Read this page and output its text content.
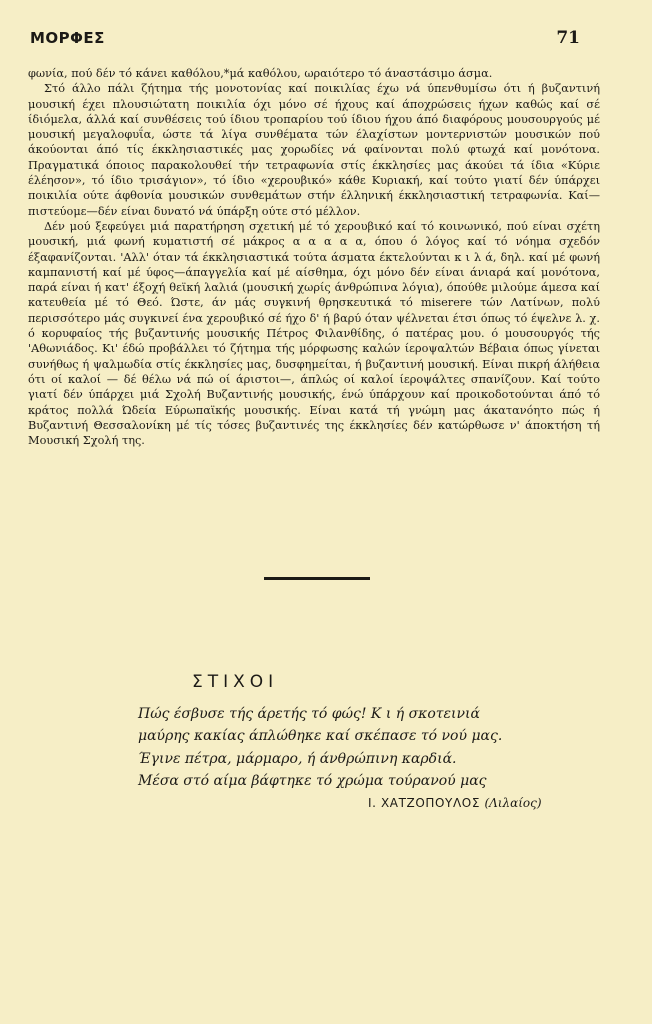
ΜΟΡΦΕΣ	71

φωνία, πού δέν τό κάνει καθόλου,*μά καθόλου, ωραιότερο τό άναστάσιμο άσμα.

Στό άλλο πάλι ζήτημα τής μονοτονίας καί ποικιλίας έχω νά ύπενθυμίσω ότι ή βυζαντινή μουσική έχει πλουσιώτατη ποικιλία όχι μόνο σέ ήχους καί άποχρώσεις ήχων καθώς καί σέ ίδιόμελα, άλλά καί συνθέσεις τού ίδιου τροπαρίου τού ίδιου ήχου άπό διαφόρους μουσουργούς μέ μουσική μεγαλοφυΐα, ώστε τά λίγα συνθέματα τών έλαχίστων μοντερνιστών μουσικών πού άκούονται άπό τίς έκκλησιαστικές μας χορωδίες νά φαίνονται πολύ φτωχά καί μονότονα. Πραγματικά όποιος παρακολουθεί τήν τετραφωνία στίς έκκλησίες μας άκούει τά ίδια «Κύριε έλέησον», τό ίδιο τρισάγιον», τό ίδιο «χερουβικό» κάθε Κυριακή, καί τούτο γιατί δέν ύπάρχει ποικιλία ούτε άφθονία μουσικών συνθεμάτων στήν έλληνική έκκλησιαστική τετραφωνία. Καί—πιστεύομε—δέν είναι δυνατό νά ύπάρξη ούτε στό μέλλον.

Δέν μού ξεφεύγει μιά παρατήρηση σχετική μέ τό χερουβικό καί τό κοινωνικό, πού είναι σχέτη μουσική, μιά φωνή κυματιστή σέ μάκρος α α α α α, όπου ό λόγος καί τό νόημα σχεδόν έξαφανίζονται. 'Αλλ' όταν τά έκκλησιαστικά τούτα άσματα έκτελούνται κ ι λ ά, δηλ. καί μέ φωνή καμπανιστή καί μέ ύφος—άπαγγελία καί μέ αίσθημα, όχι μόνο δέν είναι άνιαρά καί μονότονα, παρά είναι ή κατ' έξοχή θεϊκή λαλιά (μουσική χωρίς άνθρώπινα λόγια), όπούθε μιλούμε άμεσα καί κατευθεία μέ τό Θεό. Ώστε, άν μάς συγκινή θρησκευτικά τό miserere τών Λατίνων, πολύ περισσότερο μάς συγκινεί ένα χερουβικό σέ ήχο δ' ή βαρύ όταν ψέλνεται έτσι όπως τό έψελνε λ. χ. ό κορυφαίος τής βυζαντινής μουσικής Πέτρος Φιλανθίδης, ό πατέρας μου. ό μουσουργός τής 'Αθωνιάδος. Κι' έδώ προβάλλει τό ζήτημα τής μόρφωσης καλών ίεροψαλτών Βέβαια όπως γίνεται συνήθως ή ψαλμωδία στίς έκκλησίες μας, δυσφημείται, ή βυζαντινή μουσική. Είναι πικρή άλήθεια ότι οί καλοί — δέ θέλω νά πώ οί άριστοι—, άπλώς οί καλοί ίεροψάλτες σπανίζουν. Καί τούτο γιατί δέν ύπάρχει μιά Σχολή Βυζαντινής μουσικής, ένώ ύπάρχουν καί προικοδοτούνται άπό τό κράτος πολλά Ώδεία Εύρωπαϊκής μουσικής. Είναι κατά τή γνώμη μας άκατανόητο πώς ή Βυζαντινή Θεσσαλονίκη μέ τίς τόσες βυζαντινές της έκκλησίες δέν κατώρθωσε ν' άποκτήση τή Μουσική Σχολή της.

ΣΤΙΧΟΙ
Πώς έσβυσε τής άρετής τό φώς! Κ ι ή σκοτεινιά
μαύρης κακίας άπλώθηκε καί σκέπασε τό νού μας.
Έγινε πέτρα, μάρμαρο, ή άνθρώπινη καρδιά.
Μέσα στό αίμα βάφτηκε τό χρώμα τούρανού μας
Ι. ΧΑΤΖΟΠΟΥΛΟΣ (Λιλαίος)
